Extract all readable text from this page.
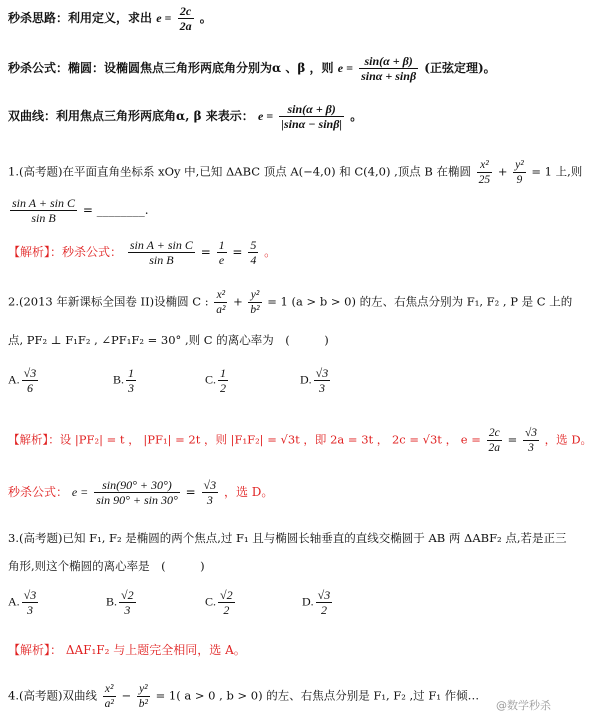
秒杀思路：利用定义，求出 $e = \frac{2c}{2a}$ 。
秒杀公式：椭圆：设椭圆焦点三角形两底角分别为α 、β ，则 $e = \frac{\sin(\alpha + \beta)}{\sin\alpha + \sin\beta}$ (正弦定理)。
双曲线：利用焦点三角形两底角α, β 来表示： $e = \frac{\sin(\alpha + \beta)}{|\sin\alpha - \sin\beta|}$ 。
1.(高考题)在平面直角坐标系 xOy 中,已知 ΔABC 顶点 A(−4,0) 和 C(4,0) ,顶点 B 在椭圆 $\frac{\text{x²}}{25} + \frac{\text{y²}}{9} = 1$ 上,则
$\frac{\text{sin A + sin C}}{\text{sin B}}$ = ________.
【解析】：秒杀公式： $\frac{\text{sin A + sin C}}{\text{sin B}} = \frac{1}{e} = \frac{5}{4}$ 。
2.(2013 年新课标全国卷 II)设椭圆 C : $\frac{\text{x²}}{\text{a²}} + \frac{\text{y²}}{\text{b²}} = 1$ (a > b > 0) 的左、右焦点分别为 F₁, F₂ , P 是 C 上的
点, PF₂ ⊥ F₁F₂ , ∠PF₁F₂ = 30° ,则 C 的离心率为　(　　　)
A. $\frac{√3}{6}$	B. $\frac{1}{3}$	C. $\frac{1}{2}$	D. $\frac{√3}{3}$
【解析】：设 |PF₂| = t ， |PF₁| = 2t ，则 |F₁F₂| = √3t ，即 2a = 3t ， 2c = √3t ， $e = \frac{2c}{2a} = \frac{√3}{3}$ ，选 D。
秒杀公式： $e = \frac{\sin(90^\circ + 30^\circ)}{\sin 90^\circ + \sin 30^\circ} = \frac{√3}{3}$ ，选 D。
3.(高考题)已知 F₁, F₂ 是椭圆的两个焦点,过 F₁ 且与椭圆长轴垂直的直线交椭圆于 AB 两 ΔABF₂ 点,若是正三
角形,则这个椭圆的离心率是　(　　　)
A. $\frac{√3}{3}$	B. $\frac{√2}{3}$	C. $\frac{√2}{2}$	D. $\frac{√3}{2}$
【解析】： ΔAF₁F₂ 与上题完全相同，选 A。
4.(高考题)双曲线 $\frac{\text{x²}}{\text{a²}} - \frac{\text{y²}}{\text{b²}} = 1$( a > 0 , b > 0) 的左、右焦点分别是 F₁, F₂ ,过 F₁ 作倾…
@数学秒杀
